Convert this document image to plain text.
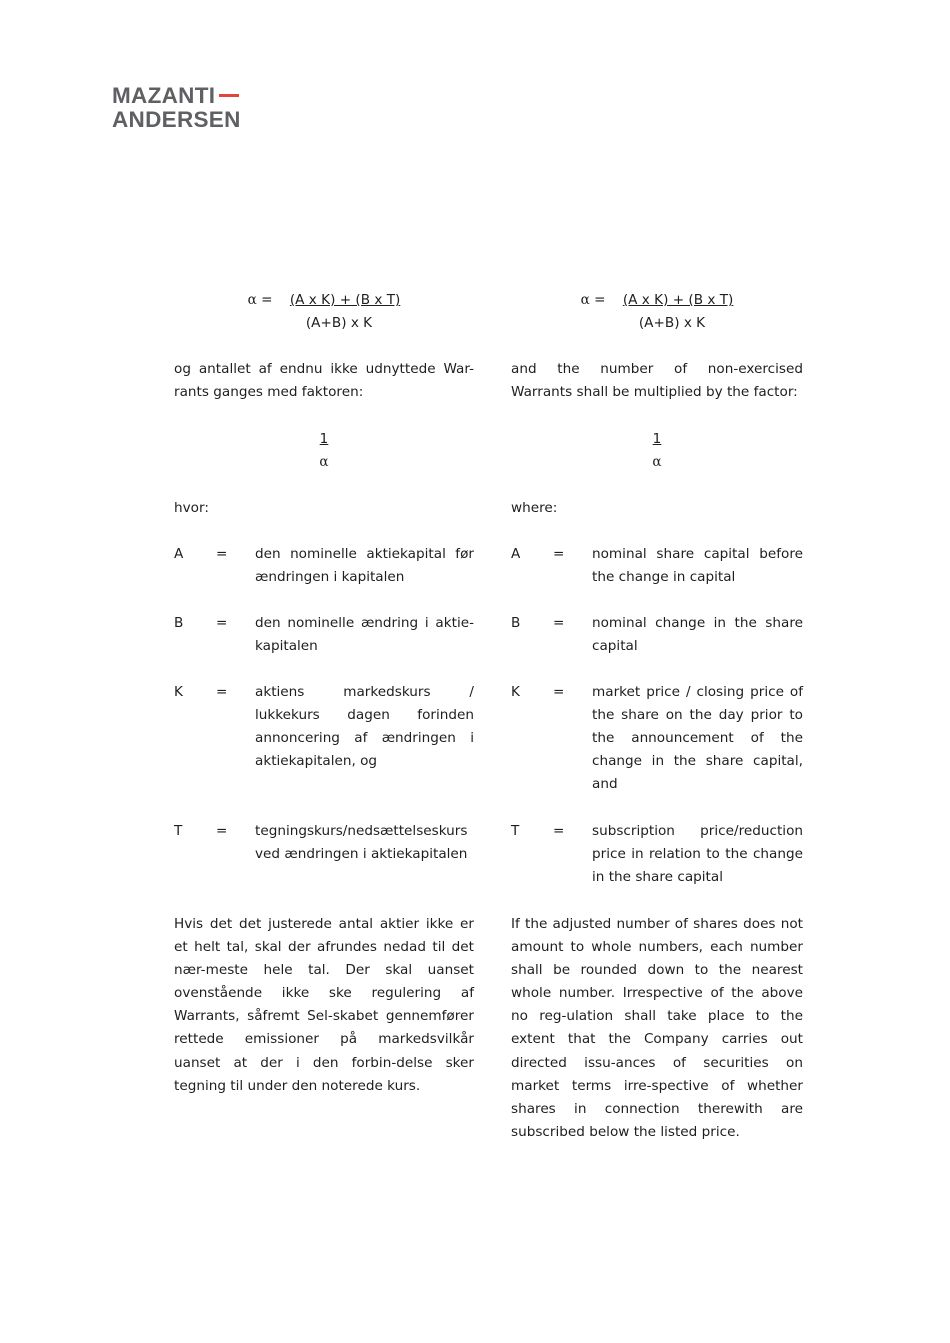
MAZANTI
ANDERSEN
α = (A x K) + (B x T)
(A+B) x K
og antallet af endnu ikke udnyttede War-rants ganges med faktoren:
$\frac{1}{\alpha}$
hvor:
A = den nominelle aktiekapital før ændringen i kapitalen
B = den nominelle ændring i aktie-kapitalen
K = aktiens markedskurs / lukkekurs dagen forinden annoncering af ændringen i aktiekapitalen, og
T = tegningskurs/nedsættelseskurs ved ændringen i aktiekapitalen
Hvis det det justerede antal aktier ikke er et helt tal, skal der afrundes nedad til det nær-meste hele tal. Der skal uanset ovenstående ikke ske regulering af Warrants, såfremt Sel-skabet gennemfører rettede emissioner på markedsvilkår uanset at der i den forbin-delse sker tegning til under den noterede kurs.
α = (A x K) + (B x T)
(A+B) x K
and the number of non-exercised Warrants shall be multiplied by the factor:
$\frac{1}{\alpha}$
where:
A = nominal share capital before the change in capital
B = nominal change in the share capital
K = market price / closing price of the share on the day prior to the announcement of the change in the share capital, and
T = subscription price/reduction price in relation to the change in the share capital
If the adjusted number of shares does not amount to whole numbers, each number shall be rounded down to the nearest whole number. Irrespective of the above no reg-ulation shall take place to the extent that the Company carries out directed issu-ances of securities on market terms irre-spective of whether shares in connection therewith are subscribed below the listed price.
